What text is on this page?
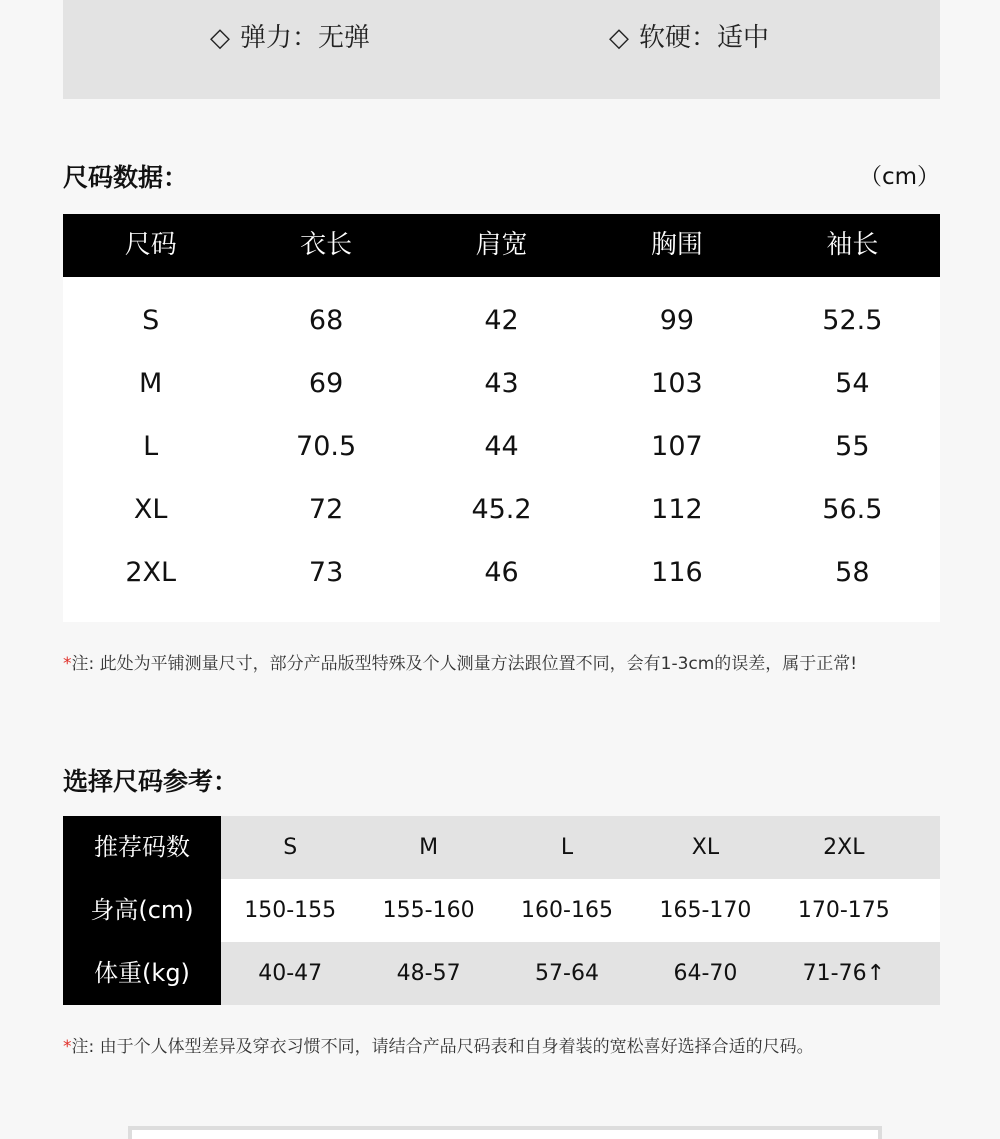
◇ 弹力：无弹	◇ 软硬：适中
尺码数据：	（cm）
尺码	衣长	肩宽	胸围	袖长
S	68	42	99	52.5
M	69	43	103	54
L	70.5	44	107	55
XL	72	45.2	112	56.5
2XL	73	46	116	58
*注: 此处为平铺测量尺寸，部分产品版型特殊及个人测量方法跟位置不同，会有1-3cm的误差，属于正常!
选择尺码参考：
推荐码数	S	M	L	XL	2XL
身高(cm)	150-155	155-160	160-165	165-170	170-175
体重(kg)	40-47	48-57	57-64	64-70	71-76↑
*注: 由于个人体型差异及穿衣习惯不同，请结合产品尺码表和自身着装的宽松喜好选择合适的尺码。
